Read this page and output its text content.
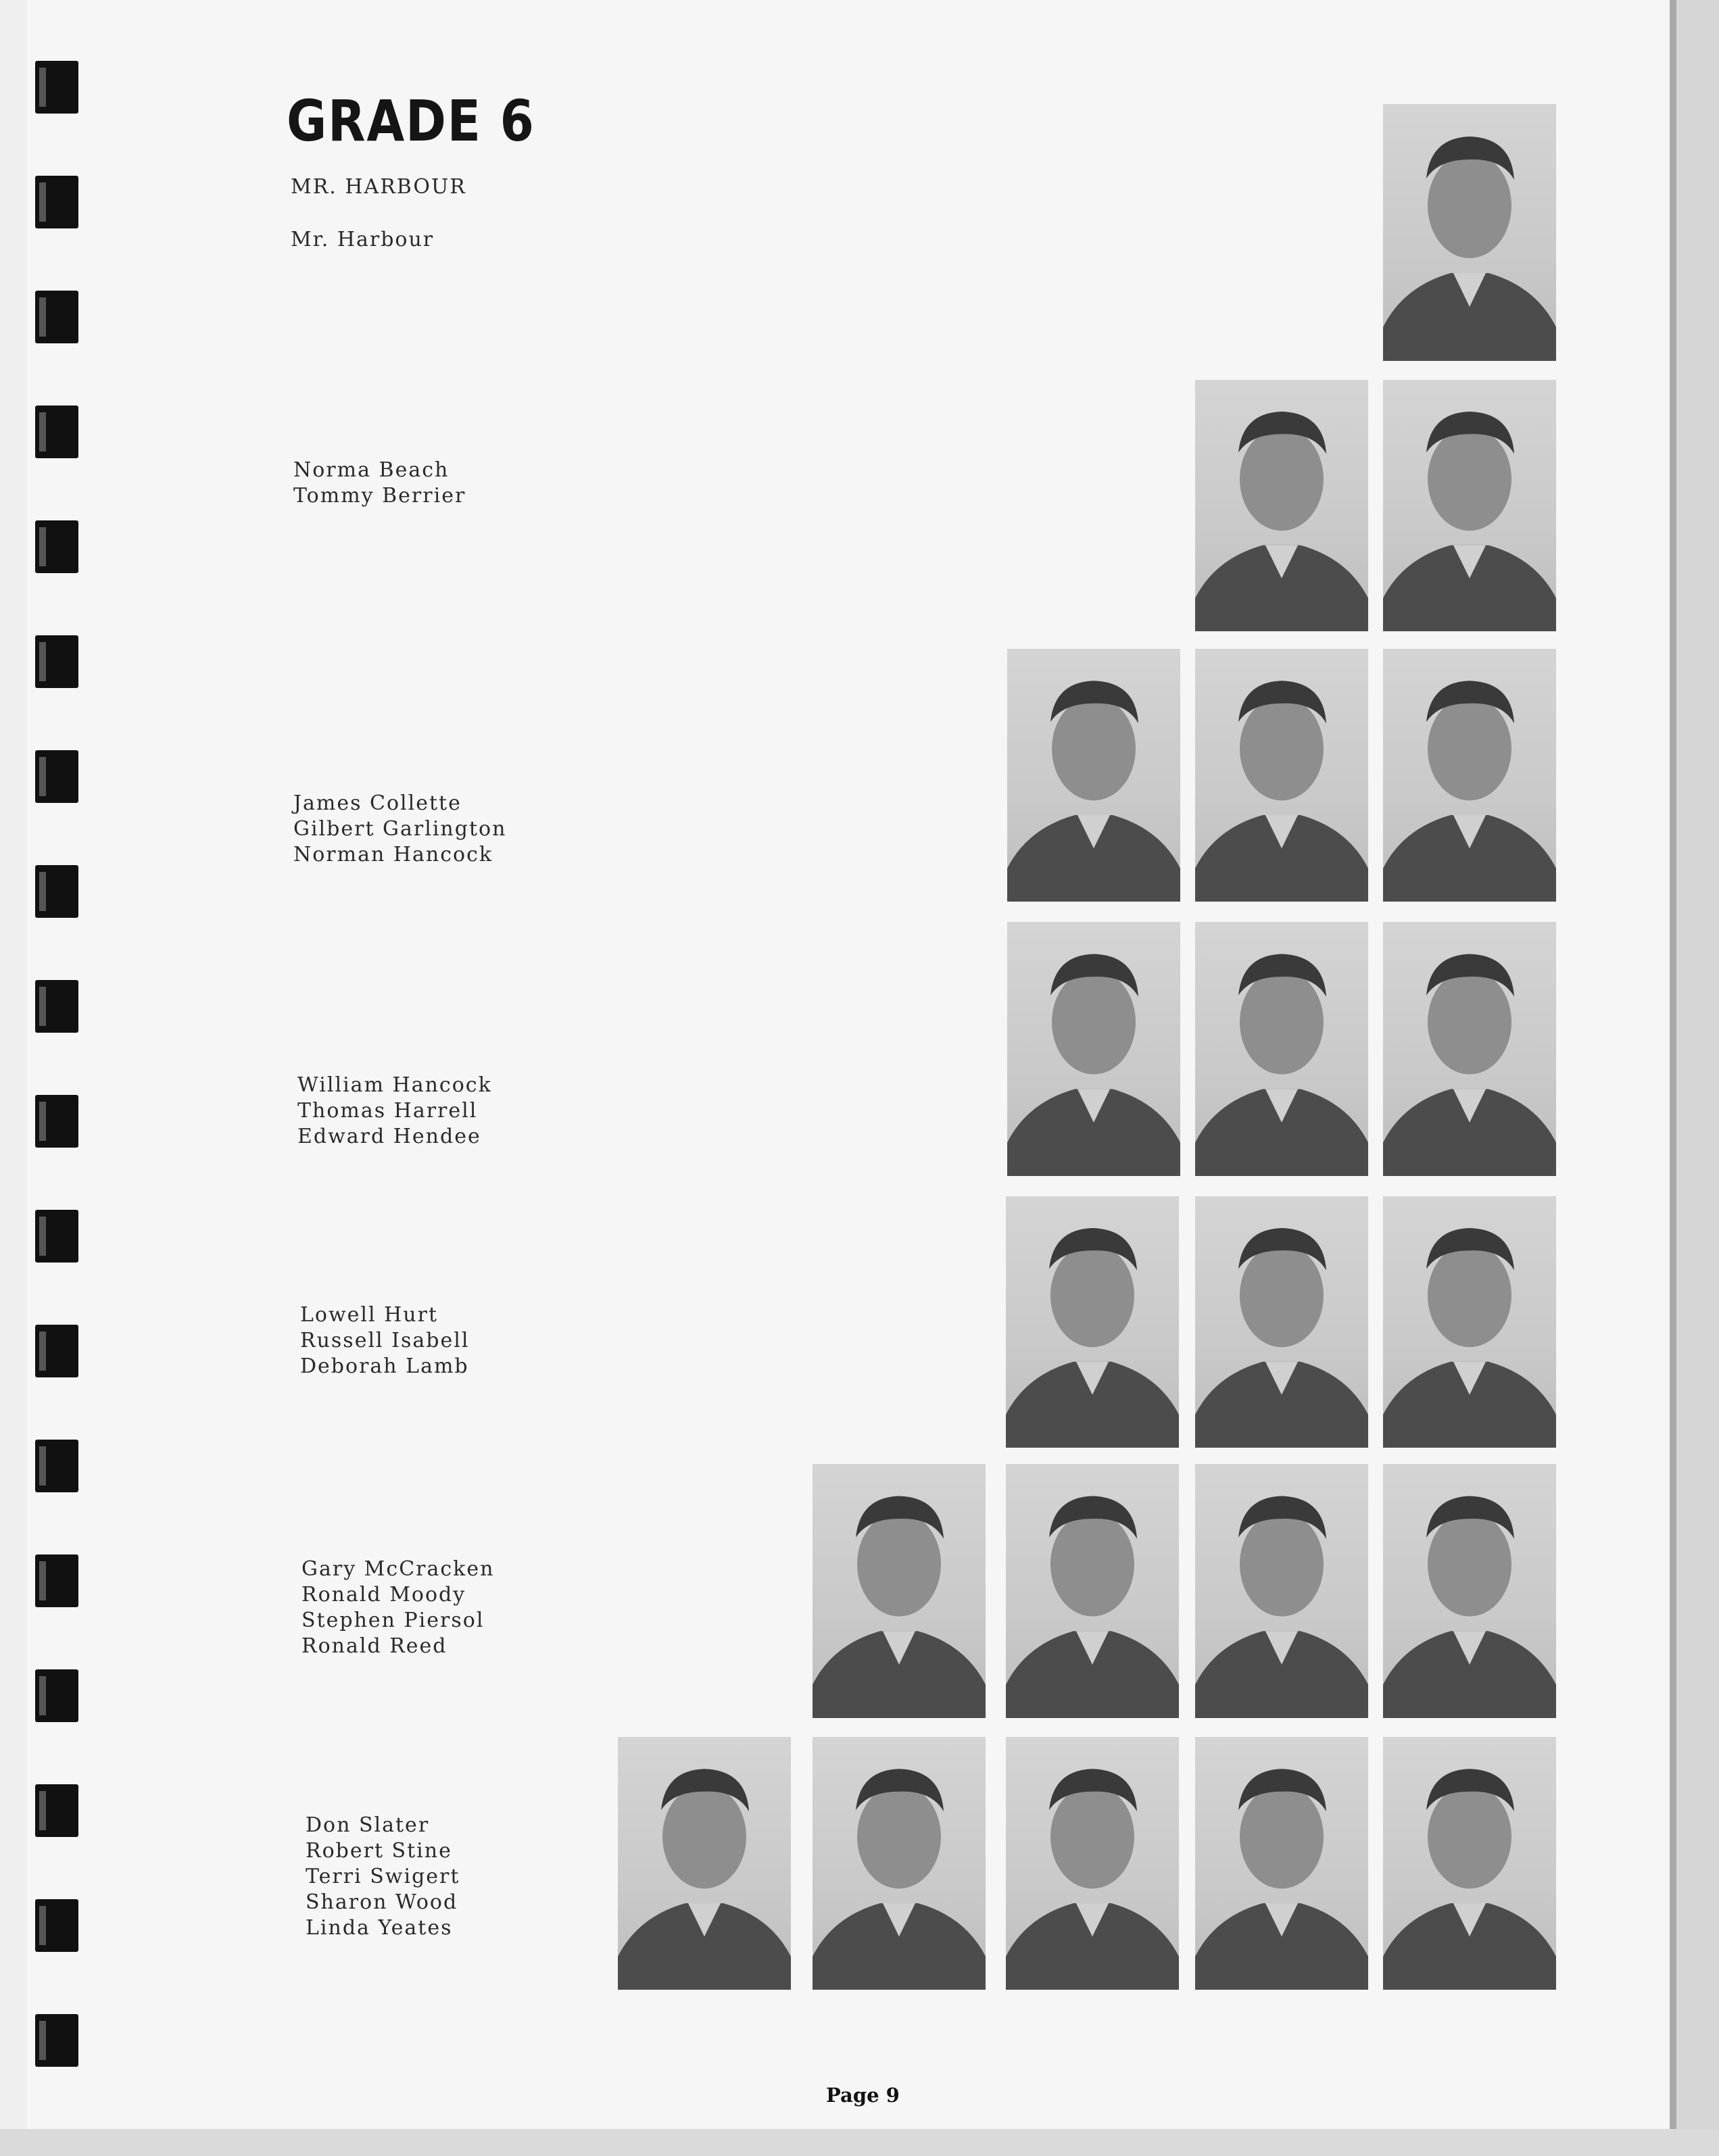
GRADE 6
MR. HARBOUR
Mr. Harbour
Norma Beach
Tommy Berrier
James Collette
Gilbert Garlington
Norman Hancock
William Hancock
Thomas Harrell
Edward Hendee
Lowell Hurt
Russell Isabell
Deborah Lamb
Gary McCracken
Ronald Moody
Stephen Piersol
Ronald Reed
Don Slater
Robert Stine
Terri Swigert
Sharon Wood
Linda Yeates
Page 9
